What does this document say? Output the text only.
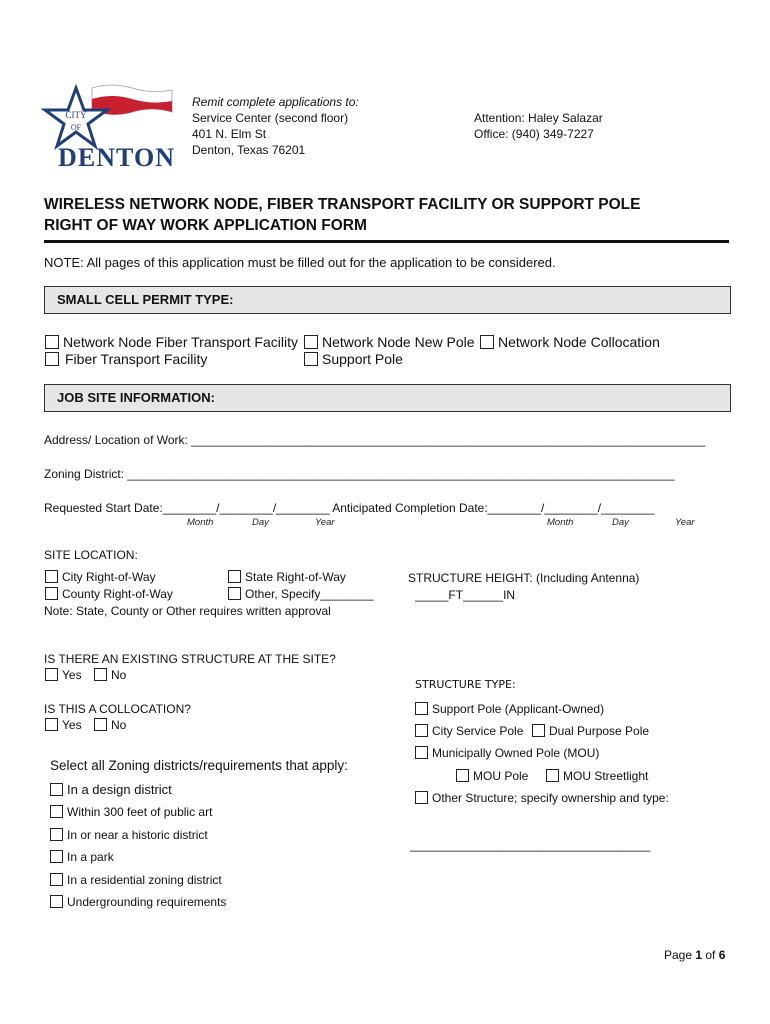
CITY
OF
DENTON
Remit complete applications to:
Service Center (second floor)
401 N. Elm St
Denton, Texas 76201
Attention: Haley Salazar
Office: (940) 349-7227
WIRELESS NETWORK NODE, FIBER TRANSPORT FACILITY OR SUPPORT POLE
RIGHT OF WAY WORK APPLICATION FORM
NOTE: All pages of this application must be filled out for the application to be considered.
SMALL CELL PERMIT TYPE:
Network Node Fiber Transport Facility	Network Node New Pole	Network Node Collocation
Fiber Transport Facility	Support Pole
JOB SITE INFORMATION:
Address/ Location of Work: _____________________________________________________________________________
Zoning District: __________________________________________________________________________________
Requested Start Date:________/________/________ Anticipated Completion Date:________/________/________
Month	Day	Year	Month	Day	Year
SITE LOCATION:
City Right-of-Way	State Right-of-Way
County Right-of-Way	Other, Specify________
Note: State, County or Other requires written approval
STRUCTURE HEIGHT: (Including Antenna)
_____FT______IN
IS THERE AN EXISTING STRUCTURE AT THE SITE?
Yes	No
IS THIS A COLLOCATION?
Yes	No
Select all Zoning districts/requirements that apply:
In a design district
Within 300 feet of public art
In or near a historic district
In a park
In a residential zoning district
Undergrounding requirements
STRUCTURE TYPE:
Support Pole (Applicant-Owned)
City Service Pole	Dual Purpose Pole
Municipally Owned Pole (MOU)
MOU Pole	MOU Streetlight
Other Structure; specify ownership and type:
____________________________________
Page 1 of 6
